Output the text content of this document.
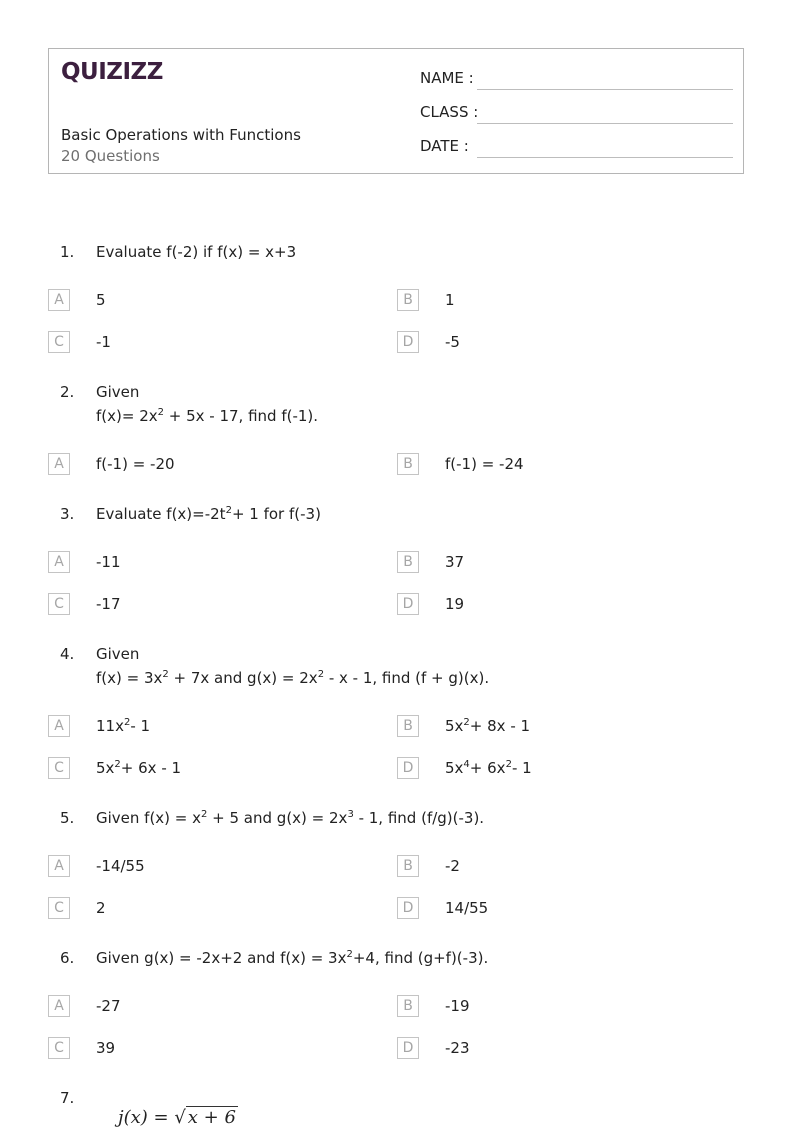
QUIZIZZ
Basic Operations with Functions
20 Questions
NAME :
CLASS :
DATE :
1. Evaluate f(-2) if f(x) = x+3
A	5	B	1
C	-1	D	-5
2. Given
$f(x)= 2x^2 + 5x - 17$, find f(-1).
A	f(-1) = -20	B	f(-1) = -24
3. Evaluate $f(x)=-2t^2+ 1$ for f(-3)
A	-11	B	37
C	-17	D	19
4. Given
$f(x) = 3x^2 + 7x$ and $g(x) = 2x^2 - x - 1$, find (f + g)(x).
A	$11x^2-$ 1	B	$5x^2+ 8x - 1$
C	$5x^2+ 6x - 1$	D	$5x^4+ 6x^2-$ 1
5. Given $f(x) = x^2 + 5$ and $g(x) = 2x^3 - 1$, find (f/g)(-3).
A	-14/55	B	-2
C	2	D	14/55
6. Given g(x) = -2x+2 and $f(x) = 3x^2+4$, find (g+f)(-3).
A	-27	B	-19
C	39	D	-23
7.
j(x) = √ x + 6
